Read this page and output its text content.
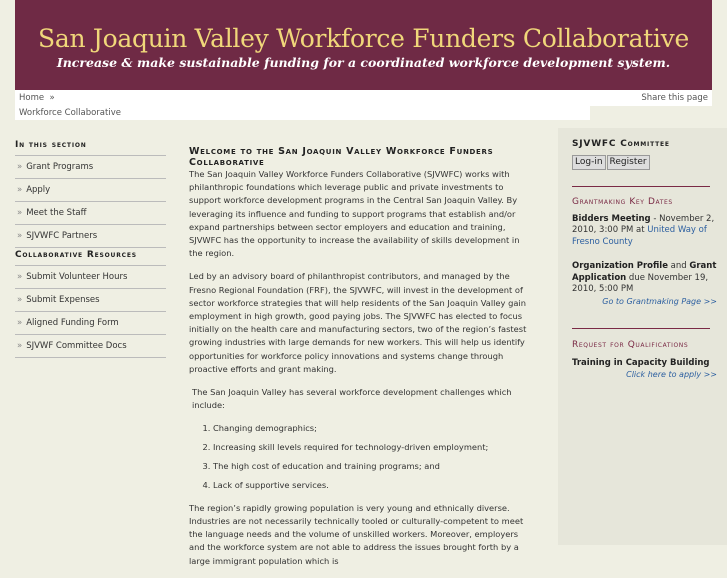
San Joaquin Valley Workforce Funders Collaborative
Increase & make sustainable funding for a coordinated workforce development system.
Home »	Share this page
Workforce Collaborative
In this section
» Grant Programs
» Apply
» Meet the Staff
» SJVWFC Partners
Collaborative Resources
» Submit Volunteer Hours
» Submit Expenses
» Aligned Funding Form
» SJVWF Committee Docs
Welcome to the San Joaquin Valley Workforce Funders Collaborative

The San Joaquin Valley Workforce Funders Collaborative (SJVWFC) works with philanthropic foundations which leverage public and private investments to support workforce development programs in the Central San Joaquin Valley. By leveraging its influence and funding to support programs that establish and/or expand partnerships between sector employers and education and training, SJVWFC has the opportunity to increase the availability of skills development in the region.

Led by an advisory board of philanthropist contributors, and managed by the Fresno Regional Foundation (FRF), the SJVWFC, will invest in the development of sector workforce strategies that will help residents of the San Joaquin Valley gain employment in high growth, good paying jobs. The SJVWFC has elected to focus initially on the health care and manufacturing sectors, two of the region’s fastest growing industries with large demands for new workers. This will help us identify opportunities for workforce policy innovations and systems change through proactive efforts and grant making.

The San Joaquin Valley has several workforce development challenges which include:

1. Changing demographics;
2. Increasing skill levels required for technology-driven employment;
3. The high cost of education and training programs; and
4. Lack of supportive services.

The region’s rapidly growing population is very young and ethnically diverse. Industries are not necessarily technically tooled or culturally-competent to meet the language needs and the volume of unskilled workers. Moreover, employers and the workforce system are not able to address the issues brought forth by a large immigrant population which is

SJVWFC Committee
Log-in Register
Grantmaking Key Dates
Bidders Meeting - November 2, 2010, 3:00 PM at United Way of Fresno County
Organization Profile and Grant Application due November 19, 2010, 5:00 PM
Go to Grantmaking Page >>
Request for Qualifications
Training in Capacity Building
Click here to apply >>
